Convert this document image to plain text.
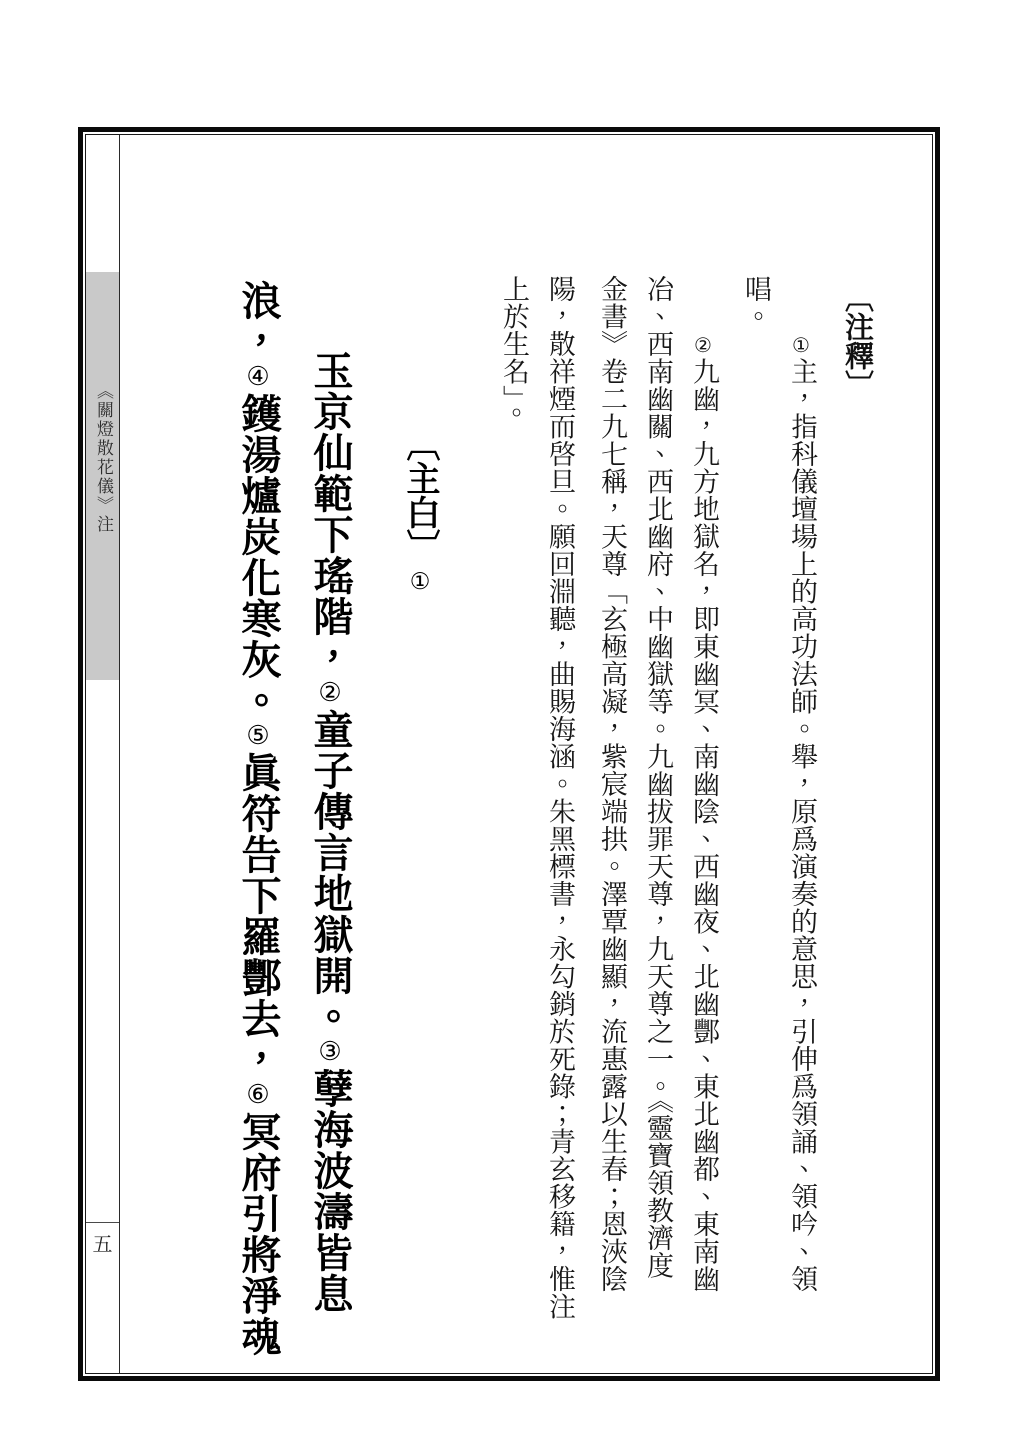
《關燈散花儀》注
五
〔注釋〕
①主，指科儀壇場上的高功法師。舉，原爲演奏的意思，引伸爲領誦、領吟、領
唱。
②九幽，九方地獄名，即東幽冥、南幽陰、西幽夜、北幽酆、東北幽都、東南幽
冶、西南幽關、西北幽府、中幽獄等。九幽拔罪天尊，九天尊之一。《靈寶領教濟度
金書》卷二九七稱，天尊「玄極高凝，紫宸端拱。澤覃幽顯，流惠露以生春；恩浹陰
陽，散祥煙而啓旦。願回淵聽，曲賜海涵。朱黑標書，永勾銷於死錄；青玄移籍，惟注
上於生名」。
〔主白〕①
玉京仙範下瑤階，②童子傳言地獄開。③孽海波濤皆息
浪，④鑊湯爐炭化寒灰。⑤眞符告下羅酆去，⑥冥府引將淨魂
